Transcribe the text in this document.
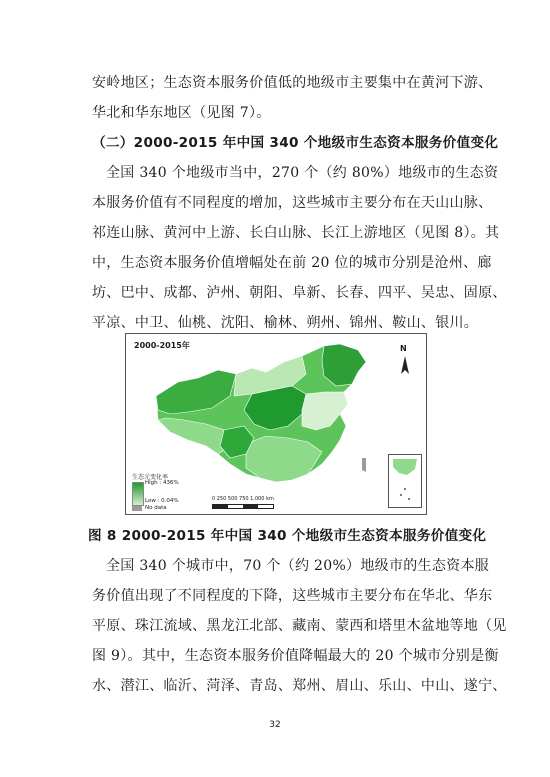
安岭地区；生态资本服务价值低的地级市主要集中在黄河下游、
华北和华东地区（见图 7）。
（二）2000-2015 年中国 340 个地级市生态资本服务价值变化
全国 340 个地级市当中，270 个（约 80%）地级市的生态资
本服务价值有不同程度的增加，这些城市主要分布在天山山脉、
祁连山脉、黄河中上游、长白山脉、长江上游地区（见图 8）。其
中，生态资本服务价值增幅处在前 20 位的城市分别是沧州、廊
坊、巴中、成都、泸州、朝阳、阜新、长春、四平、吴忠、固原、
平凉、中卫、仙桃、沈阳、榆林、朔州、锦州、鞍山、银川。
2000-2015年	N
生态元变化率
High : 436%
Low : 0.04%
No data
0 250 500 750 1,000 km
图 8 2000-2015 年中国 340 个地级市生态资本服务价值变化
全国 340 个城市中，70 个（约 20%）地级市的生态资本服
务价值出现了不同程度的下降，这些城市主要分布在华北、华东
平原、珠江流域、黑龙江北部、藏南、蒙西和塔里木盆地等地（见
图 9）。其中，生态资本服务价值降幅最大的 20 个城市分别是衡
水、潜江、临沂、菏泽、青岛、郑州、眉山、乐山、中山、遂宁、
32
